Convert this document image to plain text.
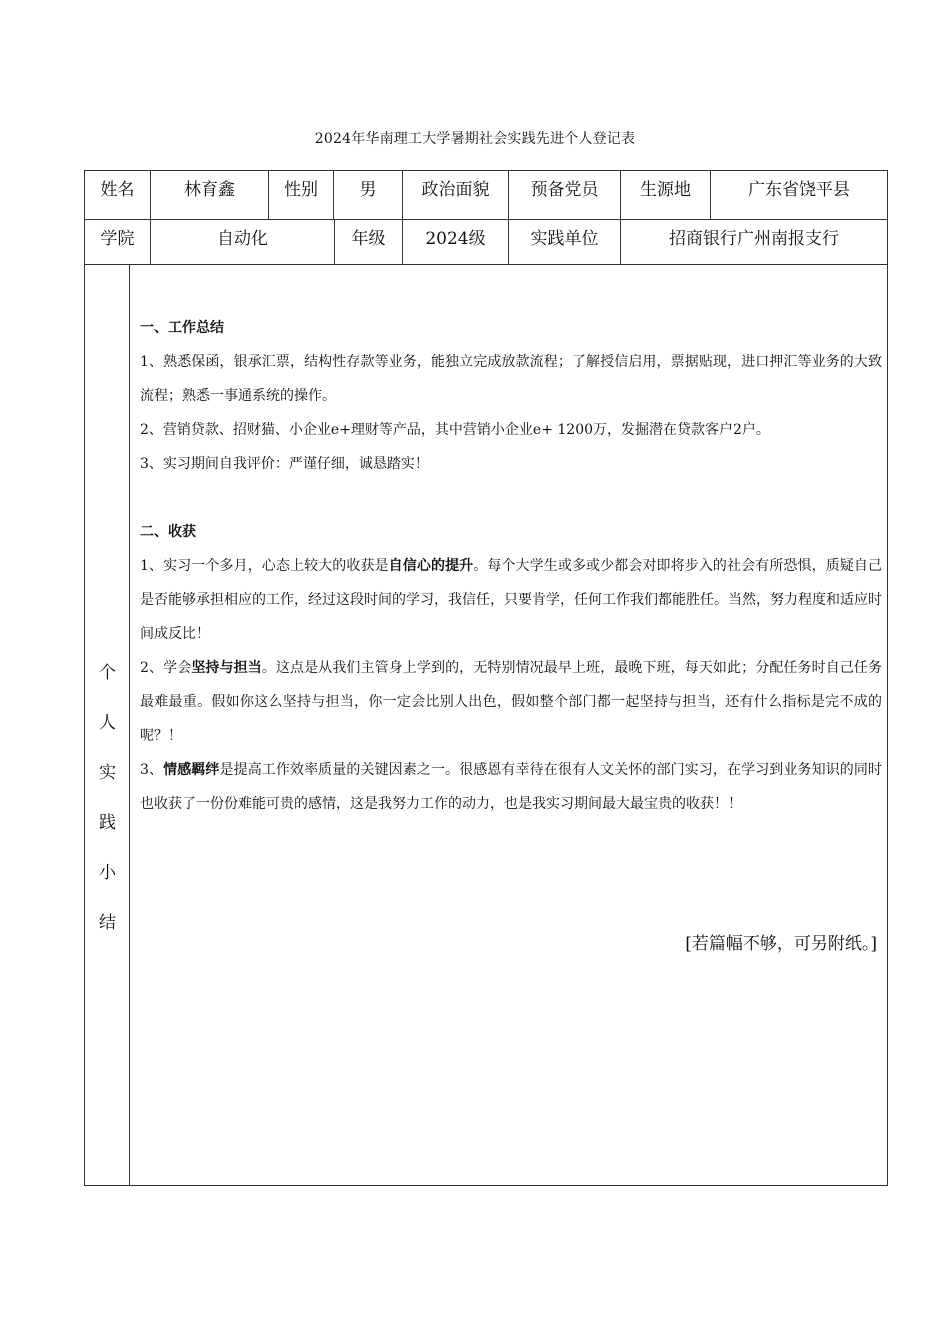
2024年华南理工大学暑期社会实践先进个人登记表
姓名	林育鑫	性别	男	政治面貌	预备党员	生源地	广东省饶平县
学院	自动化	年级	2024级	实践单位	招商银行广州南报支行
个
人
实
践
小
结

一、工作总结

1、熟悉保函，银承汇票，结构性存款等业务，能独立完成放款流程；了解授信启用，票据贴现，进口押汇等业务的大致流程；熟悉一事通系统的操作。

2、营销贷款、招财猫、小企业e+理财等产品，其中营销小企业e+ 1200万，发掘潜在贷款客户2户。

3、实习期间自我评价：严谨仔细，诚恳踏实！

二、收获

1、实习一个多月，心态上较大的收获是自信心的提升。每个大学生或多或少都会对即将步入的社会有所恐惧，质疑自己是否能够承担相应的工作，经过这段时间的学习，我信任，只要肯学，任何工作我们都能胜任。当然，努力程度和适应时间成反比！

2、学会坚持与担当。这点是从我们主管身上学到的，无特别情况最早上班，最晚下班，每天如此；分配任务时自己任务最难最重。假如你这么坚持与担当，你一定会比别人出色，假如整个部门都一起坚持与担当，还有什么指标是完不成的呢？！

3、情感羁绊是提高工作效率质量的关键因素之一。很感恩有幸待在很有人文关怀的部门实习，在学习到业务知识的同时也收获了一份份难能可贵的感情，这是我努力工作的动力，也是我实习期间最大最宝贵的收获！！

[若篇幅不够，可另附纸。]
